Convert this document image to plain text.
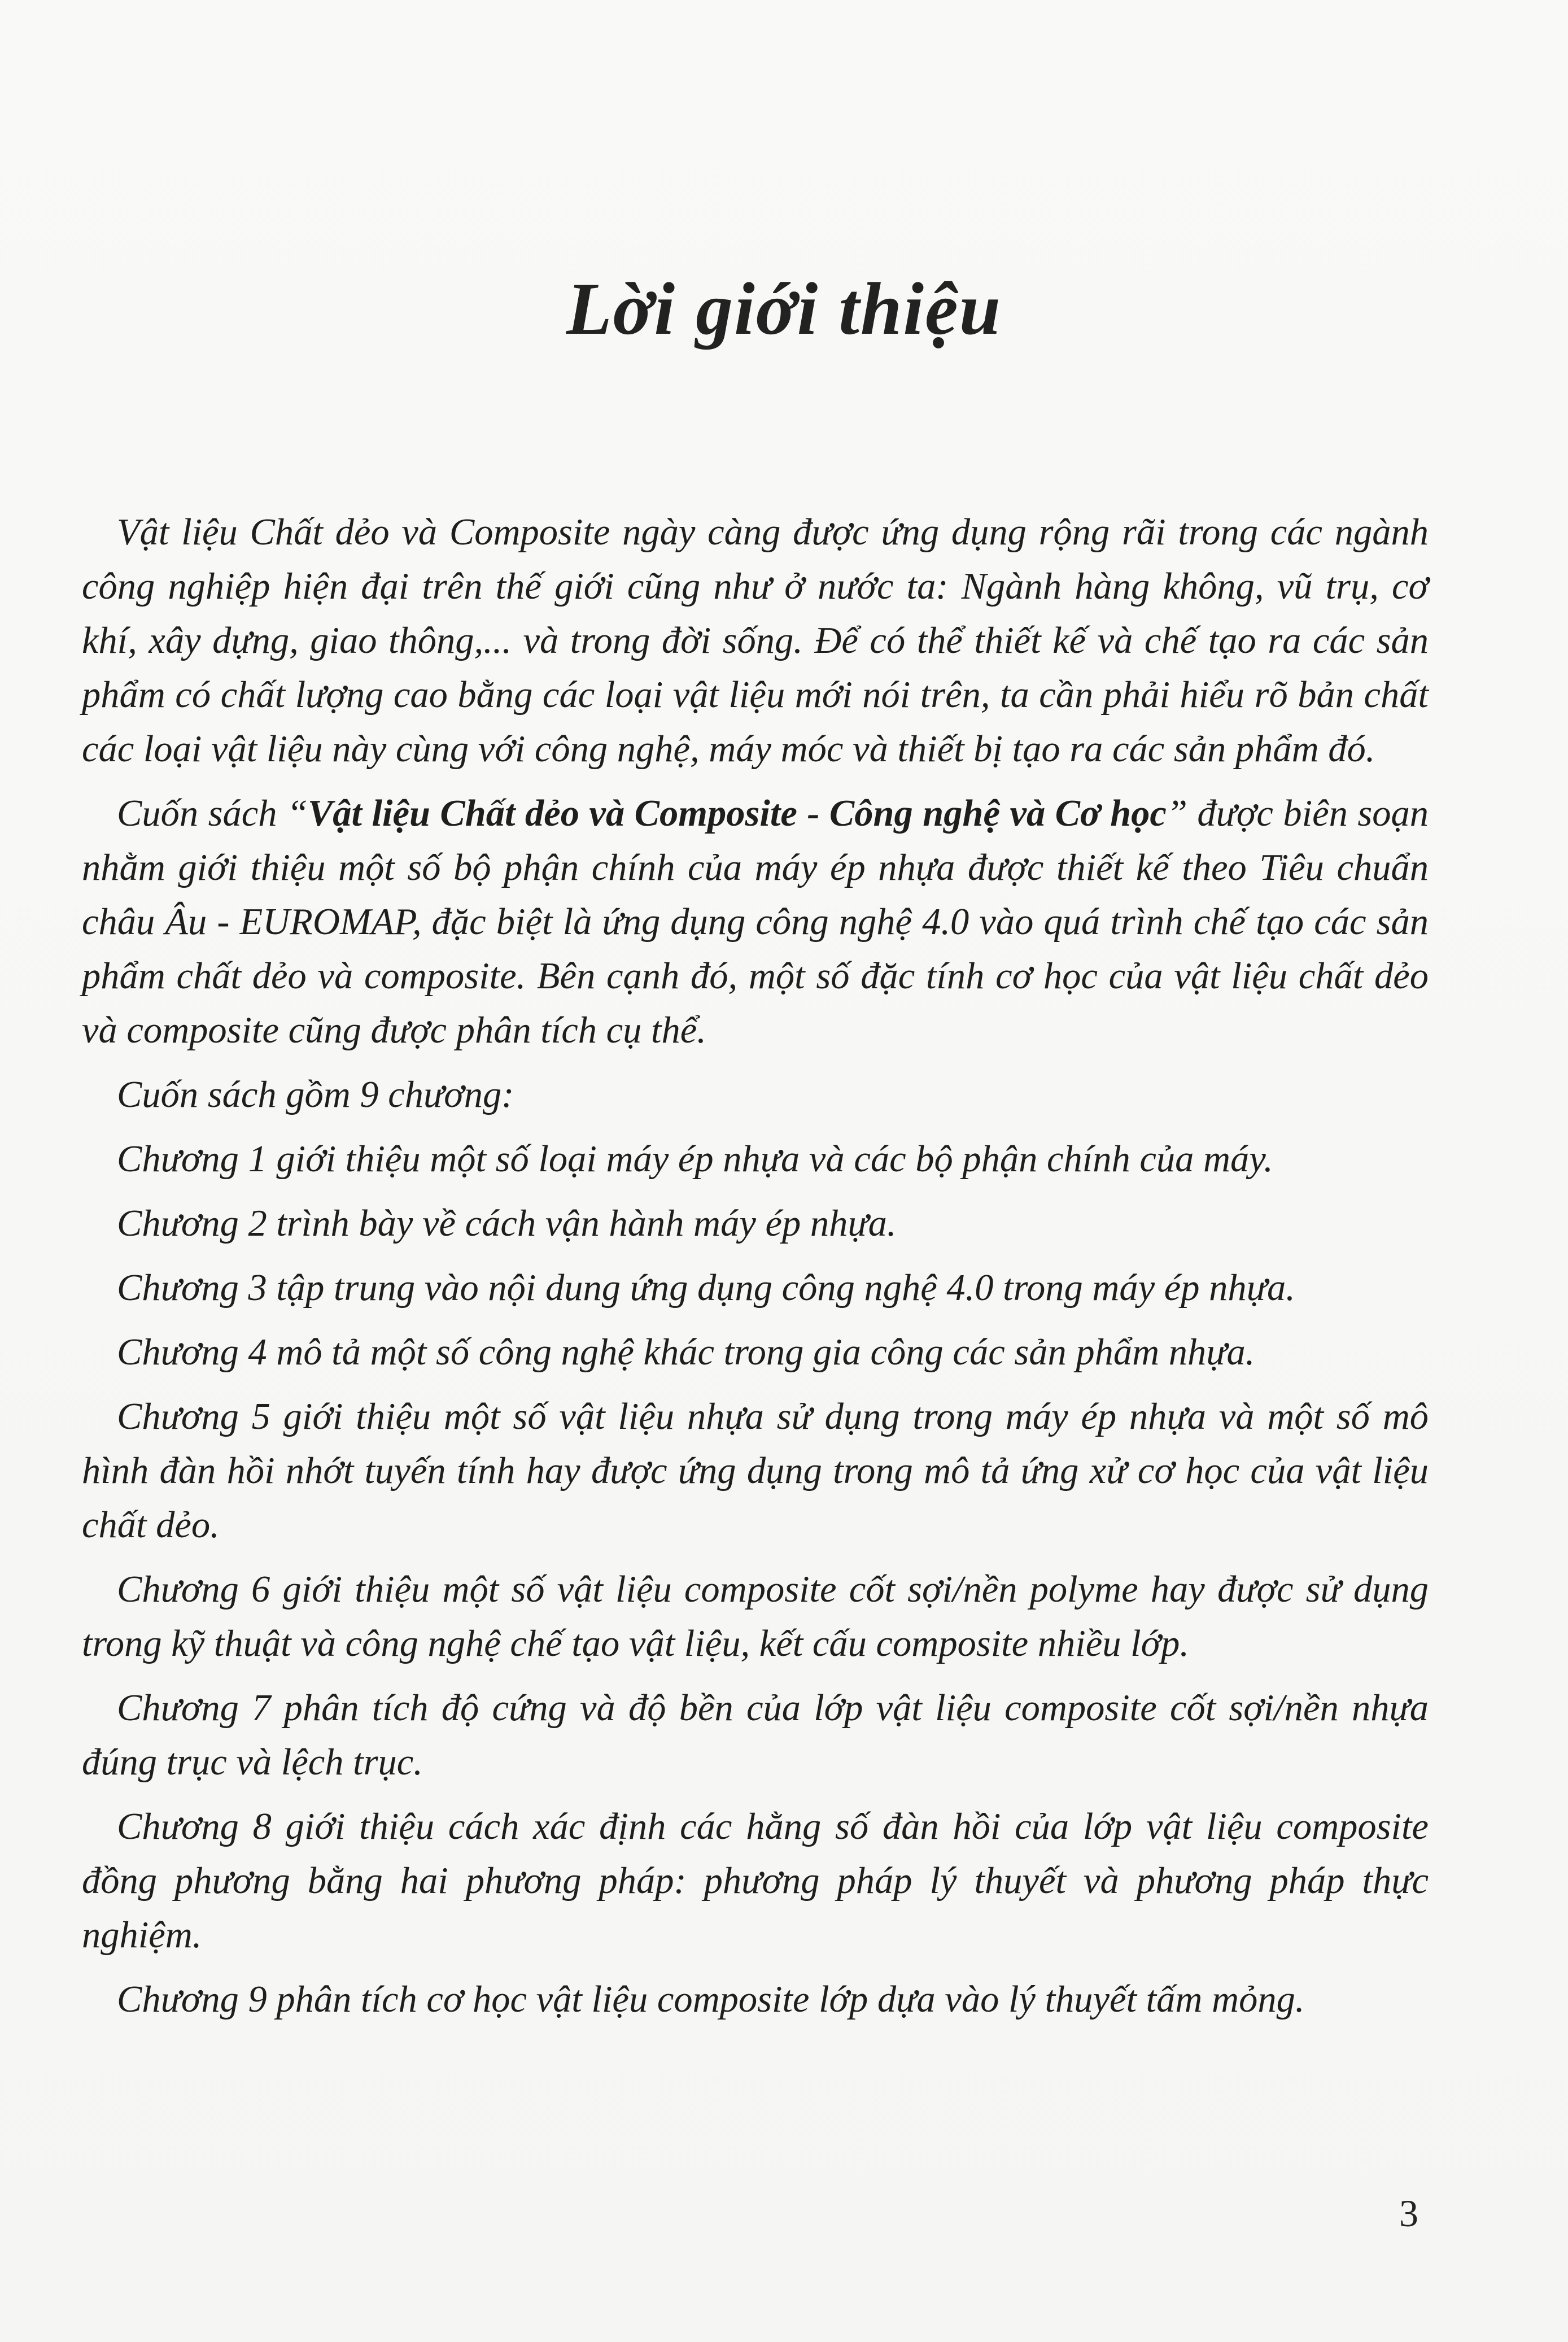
Lời giới thiệu

Vật liệu Chất dẻo và Composite ngày càng được ứng dụng rộng rãi trong các ngành công nghiệp hiện đại trên thế giới cũng như ở nước ta: Ngành hàng không, vũ trụ, cơ khí, xây dựng, giao thông,... và trong đời sống. Để có thể thiết kế và chế tạo ra các sản phẩm có chất lượng cao bằng các loại vật liệu mới nói trên, ta cần phải hiểu rõ bản chất các loại vật liệu này cùng với công nghệ, máy móc và thiết bị tạo ra các sản phẩm đó.

Cuốn sách “Vật liệu Chất dẻo và Composite - Công nghệ và Cơ học” được biên soạn nhằm giới thiệu một số bộ phận chính của máy ép nhựa được thiết kế theo Tiêu chuẩn châu Âu - EUROMAP, đặc biệt là ứng dụng công nghệ 4.0 vào quá trình chế tạo các sản phẩm chất dẻo và composite. Bên cạnh đó, một số đặc tính cơ học của vật liệu chất dẻo và composite cũng được phân tích cụ thể.

Cuốn sách gồm 9 chương:

Chương 1 giới thiệu một số loại máy ép nhựa và các bộ phận chính của máy.

Chương 2 trình bày về cách vận hành máy ép nhựa.

Chương 3 tập trung vào nội dung ứng dụng công nghệ 4.0 trong máy ép nhựa.

Chương 4 mô tả một số công nghệ khác trong gia công các sản phẩm nhựa.

Chương 5 giới thiệu một số vật liệu nhựa sử dụng trong máy ép nhựa và một số mô hình đàn hồi nhớt tuyến tính hay được ứng dụng trong mô tả ứng xử cơ học của vật liệu chất dẻo.

Chương 6 giới thiệu một số vật liệu composite cốt sợi/nền polyme hay được sử dụng trong kỹ thuật và công nghệ chế tạo vật liệu, kết cấu composite nhiều lớp.

Chương 7 phân tích độ cứng và độ bền của lớp vật liệu composite cốt sợi/nền nhựa đúng trục và lệch trục.

Chương 8 giới thiệu cách xác định các hằng số đàn hồi của lớp vật liệu composite đồng phương bằng hai phương pháp: phương pháp lý thuyết và phương pháp thực nghiệm.

Chương 9 phân tích cơ học vật liệu composite lớp dựa vào lý thuyết tấm mỏng.

3
